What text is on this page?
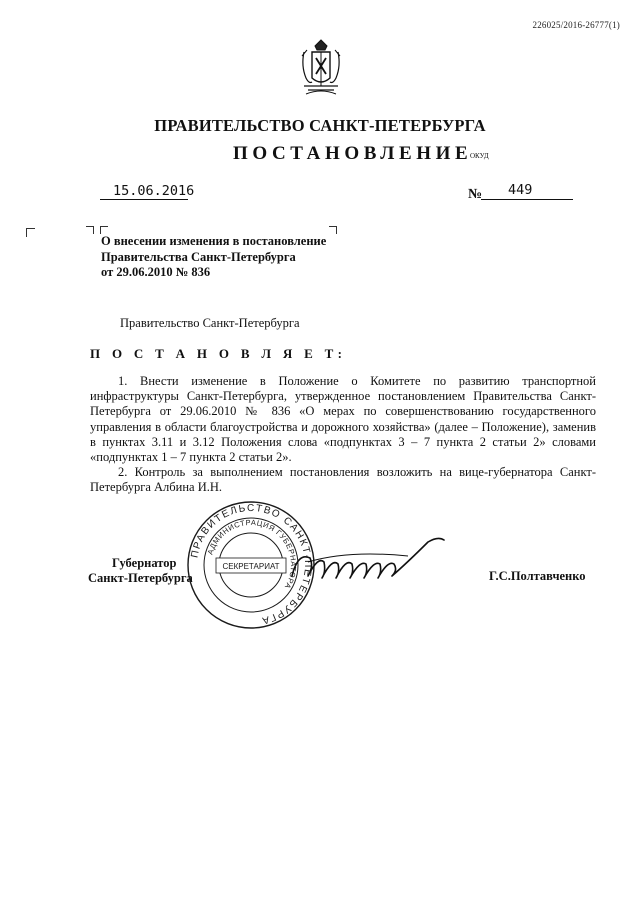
226025/2016-26777(1)
ПРАВИТЕЛЬСТВО САНКТ-ПЕТЕРБУРГА
ПОСТАНОВЛЕНИЕ
ОКУД
15.06.2016	№ 449
О внесении изменения в постановление
Правительства Санкт-Петербурга
от 29.06.2010 № 836
Правительство Санкт-Петербурга
П О С Т А Н О В Л Я Е Т:

1. Внести изменение в Положение о Комитете по развитию транспортной инфраструктуры Санкт-Петербурга, утвержденное постановлением Правительства Санкт-Петербурга от 29.06.2010 № 836 «О мерах по совершенствованию государственного управления в области благоустройства и дорожного хозяйства» (далее – Положение), заменив в пунктах 3.11 и 3.12 Положения слова «подпунктах 3 – 7 пункта 2 статьи 2» словами «подпунктах 1 – 7 пункта 2 статьи 2».

2. Контроль за выполнением постановления возложить на вице-губернатора Санкт-Петербурга Албина И.Н.

Губернатор
Санкт-Петербурга	Г.С.Полтавченко
ПРАВИТЕЛЬСТВО САНКТ-ПЕТЕРБУРГА
АДМИНИСТРАЦИЯ ГУБЕРНАТОРА
СЕКРЕТАРИАТ
